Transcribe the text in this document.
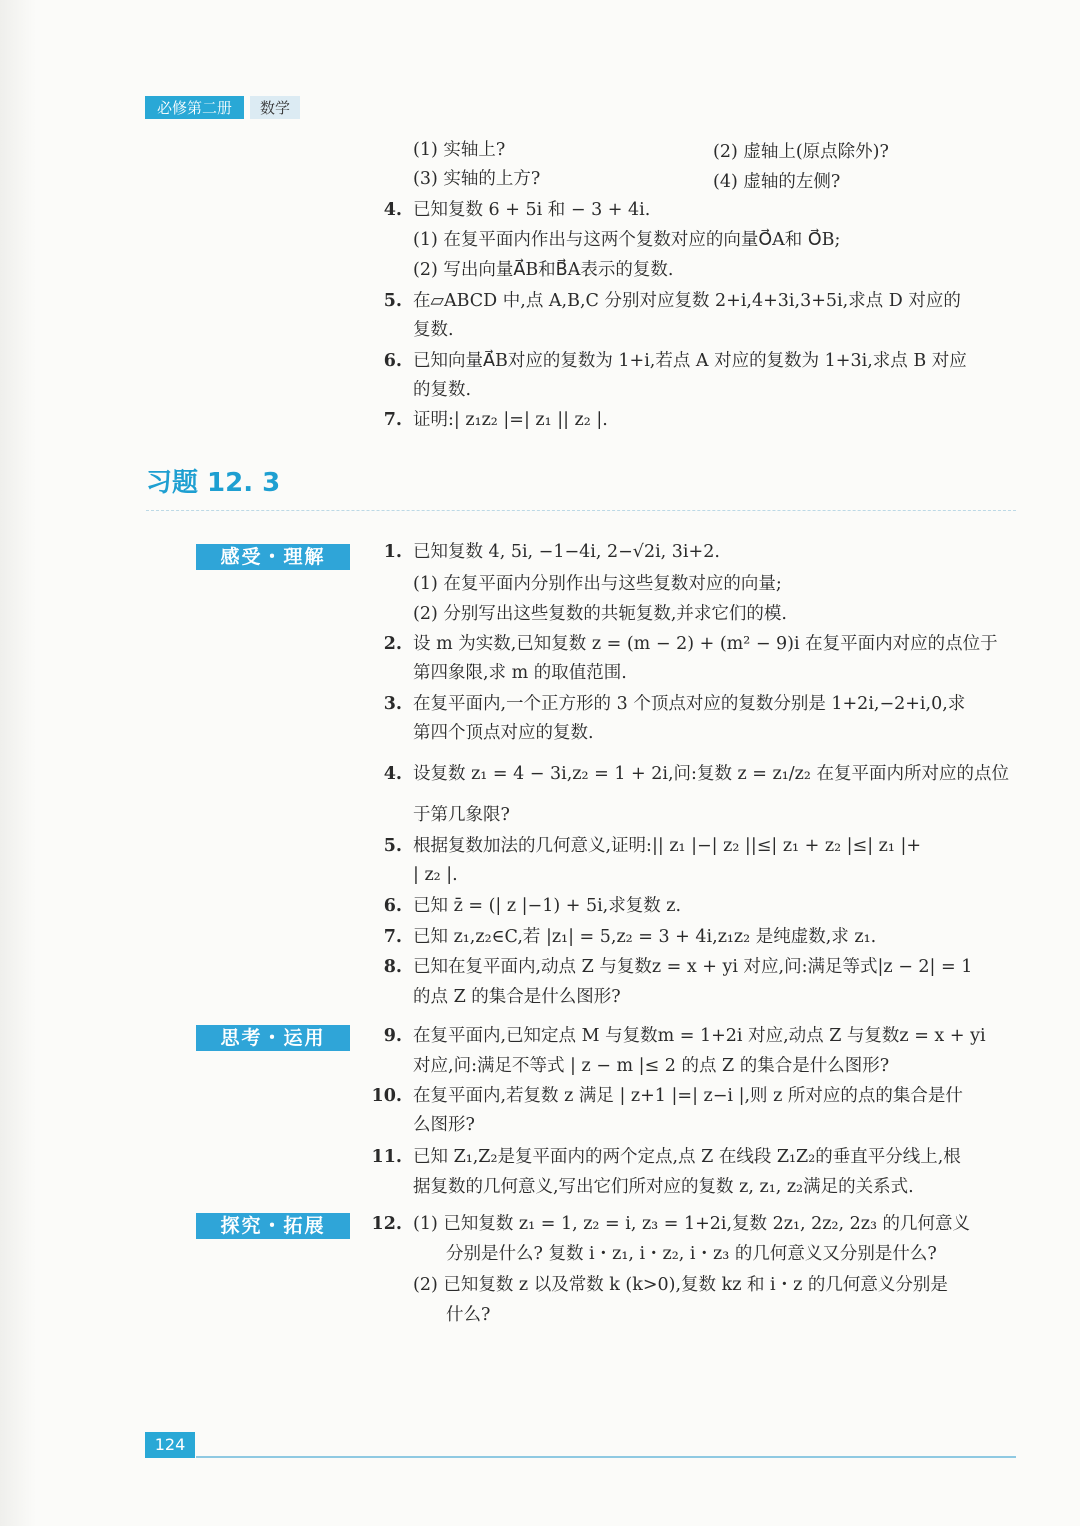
必修第二册	数学
(1) 实轴上?	(2) 虚轴上(原点除外)?
(3) 实轴的上方?	(4) 虚轴的左侧?
4. 已知复数 6 + 5i 和 − 3 + 4i.
(1) 在复平面内作出与这两个复数对应的向量O⃗A和 O⃗B;
(2) 写出向量A⃗B和B⃗A表示的复数.
5. 在▱ABCD 中,点 A,B,C 分别对应复数 2+i,4+3i,3+5i,求点 D 对应的
复数.
6. 已知向量A⃗B对应的复数为 1+i,若点 A 对应的复数为 1+3i,求点 B 对应
的复数.
7. 证明:| z₁z₂ |=| z₁ || z₂ |.
习题 12. 3
感受・理解
思考・运用
探究・拓展
1. 已知复数 4, 5i, −1−4i, 2−√2i, 3i+2.
(1) 在复平面内分别作出与这些复数对应的向量;
(2) 分别写出这些复数的共轭复数,并求它们的模.
2. 设 m 为实数,已知复数 z = (m − 2) + (m² − 9)i 在复平面内对应的点位于
第四象限,求 m 的取值范围.
3. 在复平面内,一个正方形的 3 个顶点对应的复数分别是 1+2i,−2+i,0,求
第四个顶点对应的复数.
4. 设复数 z₁ = 4 − 3i,z₂ = 1 + 2i,问:复数 z = z₁/z₂ 在复平面内所对应的点位
于第几象限?
5. 根据复数加法的几何意义,证明:|| z₁ |−| z₂ ||≤| z₁ + z₂ |≤| z₁ |+
| z₂ |.
6. 已知 z̄ = (| z |−1) + 5i,求复数 z.
7. 已知 z₁,z₂∈C,若 |z₁| = 5,z₂ = 3 + 4i,z₁z₂ 是纯虚数,求 z₁.
8. 已知在复平面内,动点 Z 与复数z = x + yi 对应,问:满足等式|z − 2| = 1
的点 Z 的集合是什么图形?
9. 在复平面内,已知定点 M 与复数m = 1+2i 对应,动点 Z 与复数z = x + yi
对应,问:满足不等式 | z − m |≤ 2 的点 Z 的集合是什么图形?
10. 在复平面内,若复数 z 满足 | z+1 |=| z−i |,则 z 所对应的点的集合是什
么图形?
11. 已知 Z₁,Z₂是复平面内的两个定点,点 Z 在线段 Z₁Z₂的垂直平分线上,根
据复数的几何意义,写出它们所对应的复数 z, z₁, z₂满足的关系式.
12. (1) 已知复数 z₁ = 1, z₂ = i, z₃ = 1+2i,复数 2z₁, 2z₂, 2z₃ 的几何意义
分别是什么? 复数 i・z₁, i・z₂, i・z₃ 的几何意义又分别是什么?
(2) 已知复数 z 以及常数 k (k>0),复数 kz 和 i・z 的几何意义分别是
什么?
124
